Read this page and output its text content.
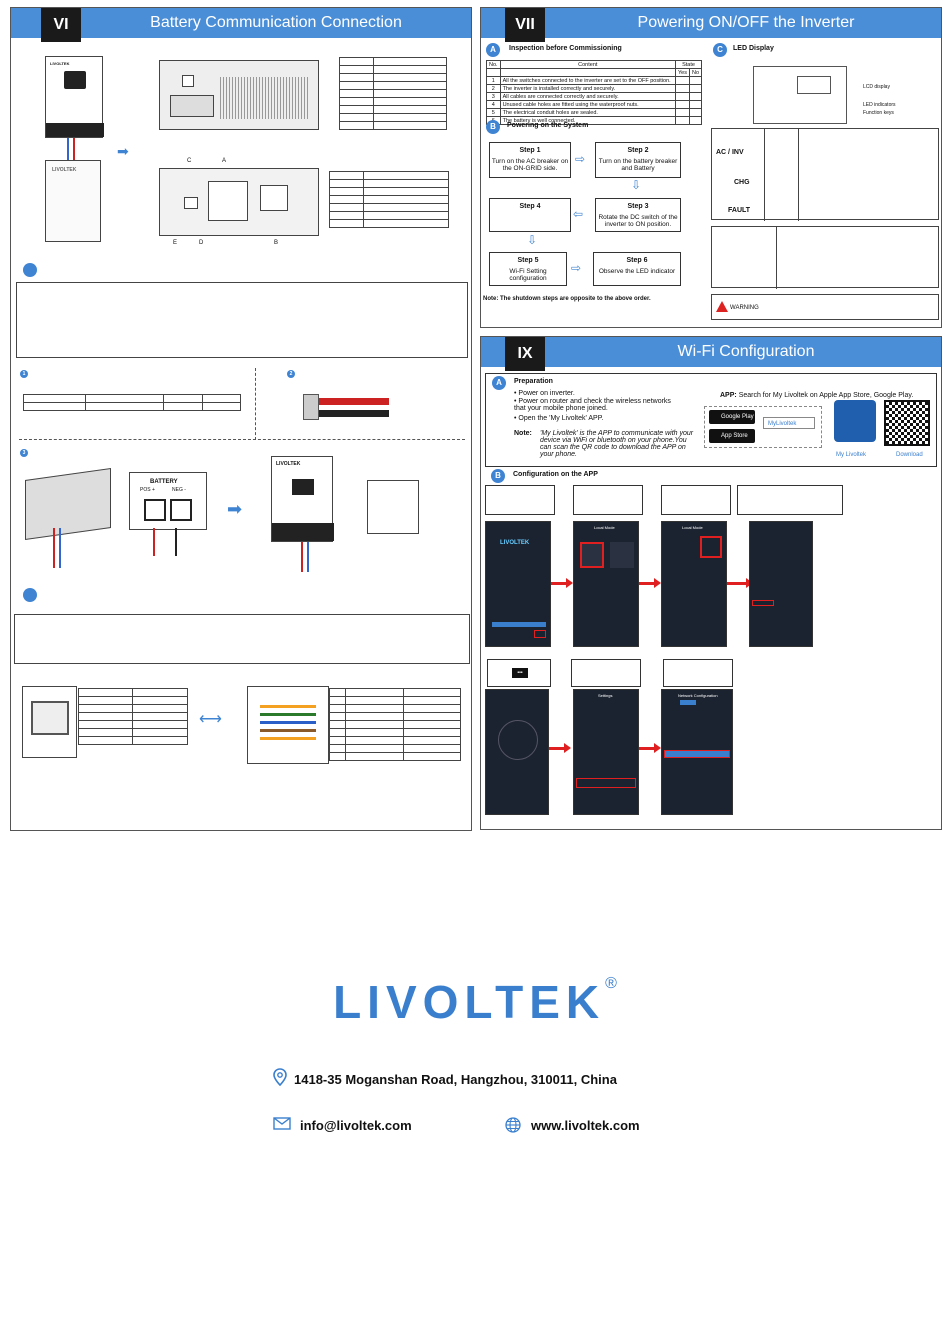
VI	Battery Communication Connection
LIVOLTEK
LIVOLTEK
➡

C	A
E	D	B

1

				2
3
BATTERY
POS +	NEG -
➡
LIVOLTEK

⟷

VII	Powering ON/OFF the Inverter
A	Inspection before Commissioning
No.	Content	State	
		Yes	No
1	All the switches connected to the inverter are set to the OFF position.		
2	The inverter is installed correctly and securely.		
3	All cables are connected correctly and securely.		
4	Unused cable holes are fitted using the waterproof nuts.		
5	The electrical conduit holes are sealed.		
	The battery is well connected.		
B	Powering on the System
Step 1
Turn on the AC breaker on the ON-GRID side.
⇨
Step 2
Turn on the battery breaker and Battery
⇩
Step 3
Rotate the DC switch of the inverter to ON position.
⇦
Step 4
⇩
Step 5
Wi-Fi Setting configuration
⇨
Step 6
Observe the LED indicator
Note: The shutdown steps are opposite to the above order.
C	LED Display
LCD display
LED indicators
Function keys
AC / INV
CHG
FAULT
WARNING
IX	Wi-Fi Configuration
A	Preparation
• Power on inverter.
• Power on router and check the wireless networks that your mobile phone joined.
• Open the 'My Livoltek' APP.
Note: 'My Livoltek' is the APP to communicate with your device via WiFi or bluetooth on your phone.You can scan the QR code to download the APP on your phone.
APP: Search for My Livoltek on Apple App Store, Google Play.
Google Play
App Store
MyLivoltek
My Livoltek	Download
B	Configuration on the APP
LIVOLTEK
Local Mode	Local Mode
•••
Settings	Network Configuration
LIVOLTEK®
1418-35 Moganshan Road, Hangzhou, 310011, China
info@livoltek.com	www.livoltek.com
